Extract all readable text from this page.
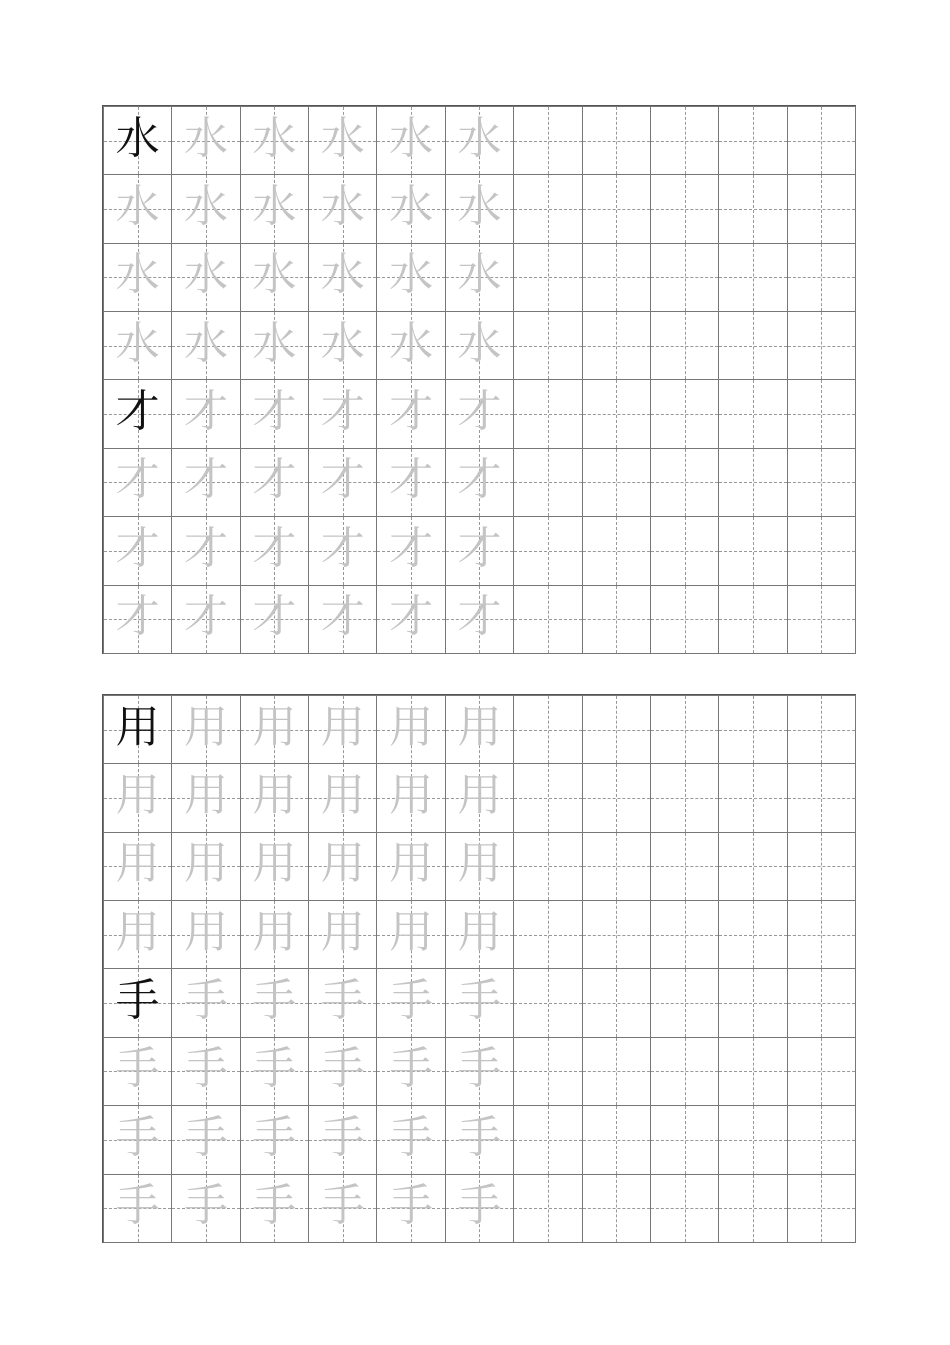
水	水	水	水	水	水					
水	水	水	水	水	水					
水	水	水	水	水	水					
水	水	水	水	水	水					
才	才	才	才	才	才					
才	才	才	才	才	才					
才	才	才	才	才	才					
才	才	才	才	才	才					
用	用	用	用	用	用					
用	用	用	用	用	用					
用	用	用	用	用	用					
用	用	用	用	用	用					
手	手	手	手	手	手					
手	手	手	手	手	手					
手	手	手	手	手	手					
手	手	手	手	手	手					
